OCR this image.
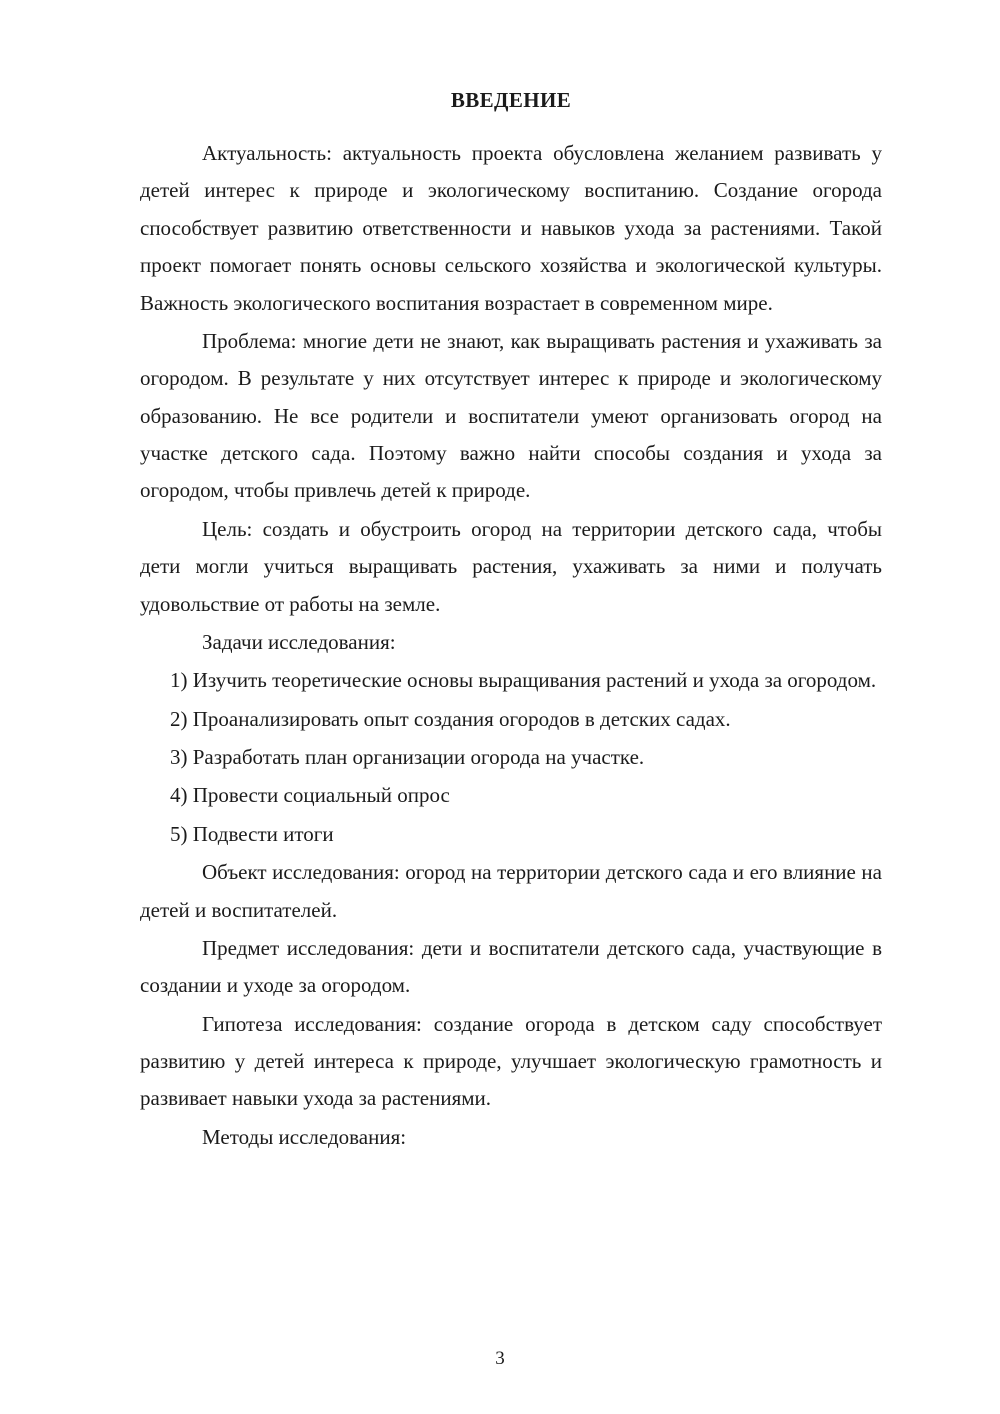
ВВЕДЕНИЕ

Актуальность: актуальность проекта обусловлена желанием развивать у детей интерес к природе и экологическому воспитанию. Создание огорода способствует развитию ответственности и навыков ухода за растениями. Такой проект помогает понять основы сельского хозяйства и экологической культуры. Важность экологического воспитания возрастает в современном мире.

Проблема: многие дети не знают, как выращивать растения и ухаживать за огородом. В результате у них отсутствует интерес к природе и экологическому образованию. Не все родители и воспитатели умеют организовать огород на участке детского сада. Поэтому важно найти способы создания и ухода за огородом, чтобы привлечь детей к природе.

Цель: создать и обустроить огород на территории детского сада, чтобы дети могли учиться выращивать растения, ухаживать за ними и получать удовольствие от работы на земле.

Задачи исследования:

1) Изучить теоретические основы выращивания растений и ухода за огородом.

2) Проанализировать опыт создания огородов в детских садах.

3) Разработать план организации огорода на участке.

4) Провести социальный опрос

5) Подвести итоги

Объект исследования: огород на территории детского сада и его влияние на детей и воспитателей.

Предмет исследования: дети и воспитатели детского сада, участвующие в создании и уходе за огородом.

Гипотеза исследования: создание огорода в детском саду способствует развитию у детей интереса к природе, улучшает экологическую грамотность и развивает навыки ухода за растениями.

Методы исследования:

3
